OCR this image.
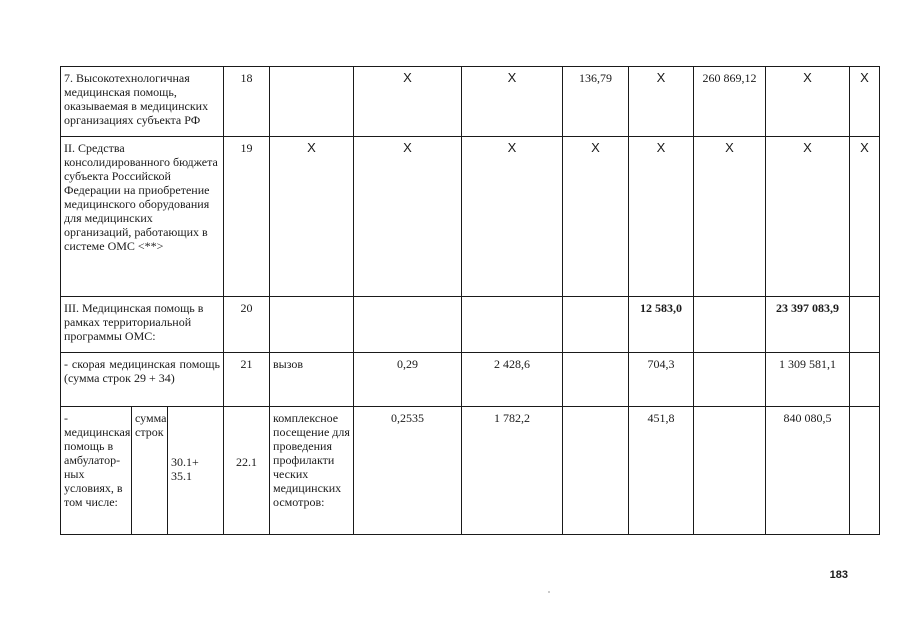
7. Высокотехнологичная медицинская помощь, оказываемая в медицинских организациях субъекта РФ			18		X	X	136,79	X	260 869,12	X	X
II. Средства консолидированного бюджета субъекта Российской Федерации на приобретение медицинского оборудования для медицинских организаций, работающих в системе ОМС <**>			19	X	X	X	X	X	X	X	X
III. Медицинская помощь в рамках территориальной программы ОМС:			20					12 583,0		23 397 083,9	
- скорая медицинская помощь (сумма строк 29 + 34)			21	вызов	0,29	2 428,6		704,3		1 309 581,1	
- медицинская помощь в амбулатор-ных условиях, в том числе:	сумма строк	30.1+ 35.1	22.1	комплексное посещение для проведения профилакти ческих медицинских осмотров:	0,2535	1 782,2		451,8		840 080,5	
183
